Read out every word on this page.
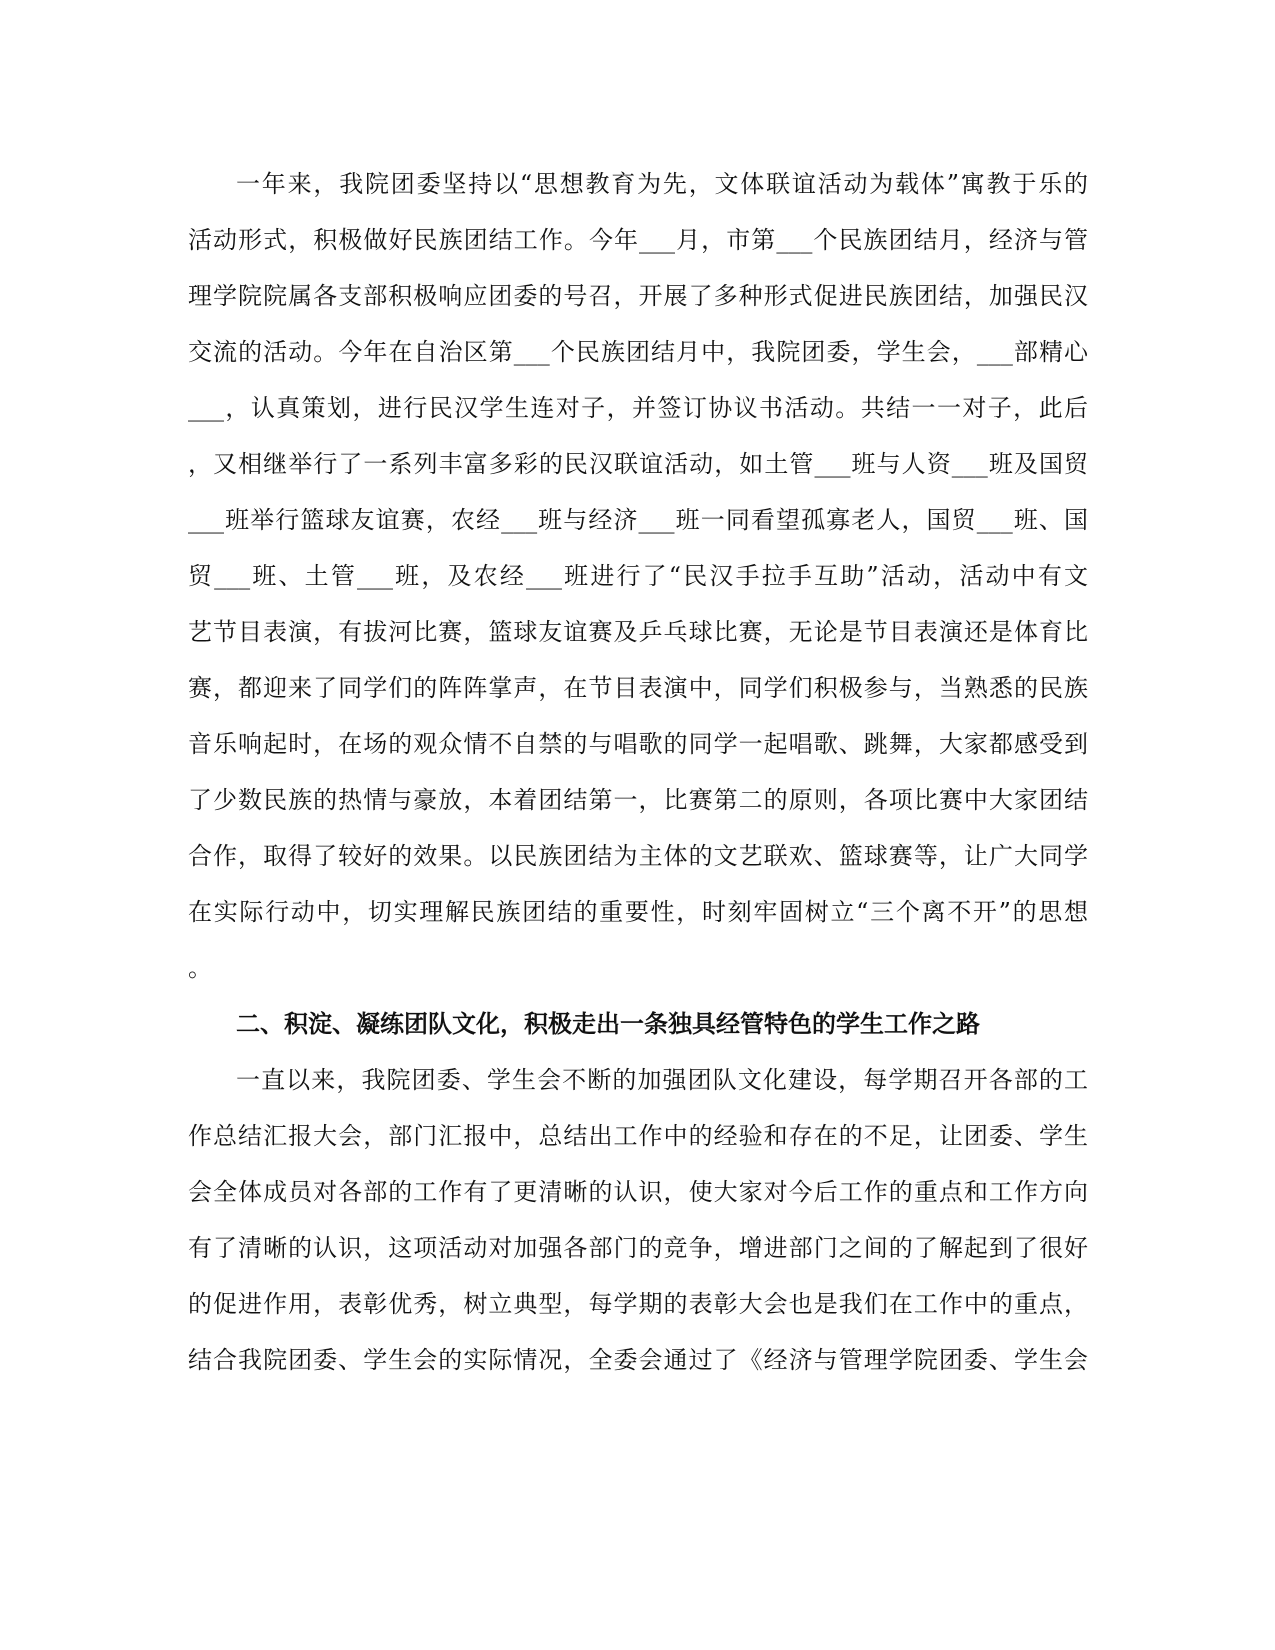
一年来，我院团委坚持以“思想教育为先，文体联谊活动为载体”寓教于乐的
活动形式，积极做好民族团结工作。今年___月，市第___个民族团结月，经济与管
理学院院属各支部积极响应团委的号召，开展了多种形式促进民族团结，加强民汉
交流的活动。今年在自治区第___个民族团结月中，我院团委，学生会，___部精心
___，认真策划，进行民汉学生连对子，并签订协议书活动。共结一一对子，此后
，又相继举行了一系列丰富多彩的民汉联谊活动，如土管___班与人资___班及国贸
___班举行篮球友谊赛，农经___班与经济___班一同看望孤寡老人，国贸___班、国
贸___班、土管___班，及农经___班进行了“民汉手拉手互助”活动，活动中有文
艺节目表演，有拔河比赛，篮球友谊赛及乒乓球比赛，无论是节目表演还是体育比
赛，都迎来了同学们的阵阵掌声，在节目表演中，同学们积极参与，当熟悉的民族
音乐响起时，在场的观众情不自禁的与唱歌的同学一起唱歌、跳舞，大家都感受到
了少数民族的热情与豪放，本着团结第一，比赛第二的原则，各项比赛中大家团结
合作，取得了较好的效果。以民族团结为主体的文艺联欢、篮球赛等，让广大同学
在实际行动中，切实理解民族团结的重要性，时刻牢固树立“三个离不开”的思想
。
二、积淀、凝练团队文化，积极走出一条独具经管特色的学生工作之路
一直以来，我院团委、学生会不断的加强团队文化建设，每学期召开各部的工
作总结汇报大会，部门汇报中，总结出工作中的经验和存在的不足，让团委、学生
会全体成员对各部的工作有了更清晰的认识，使大家对今后工作的重点和工作方向
有了清晰的认识，这项活动对加强各部门的竞争，增进部门之间的了解起到了很好
的促进作用，表彰优秀，树立典型，每学期的表彰大会也是我们在工作中的重点，
结合我院团委、学生会的实际情况，全委会通过了《经济与管理学院团委、学生会
